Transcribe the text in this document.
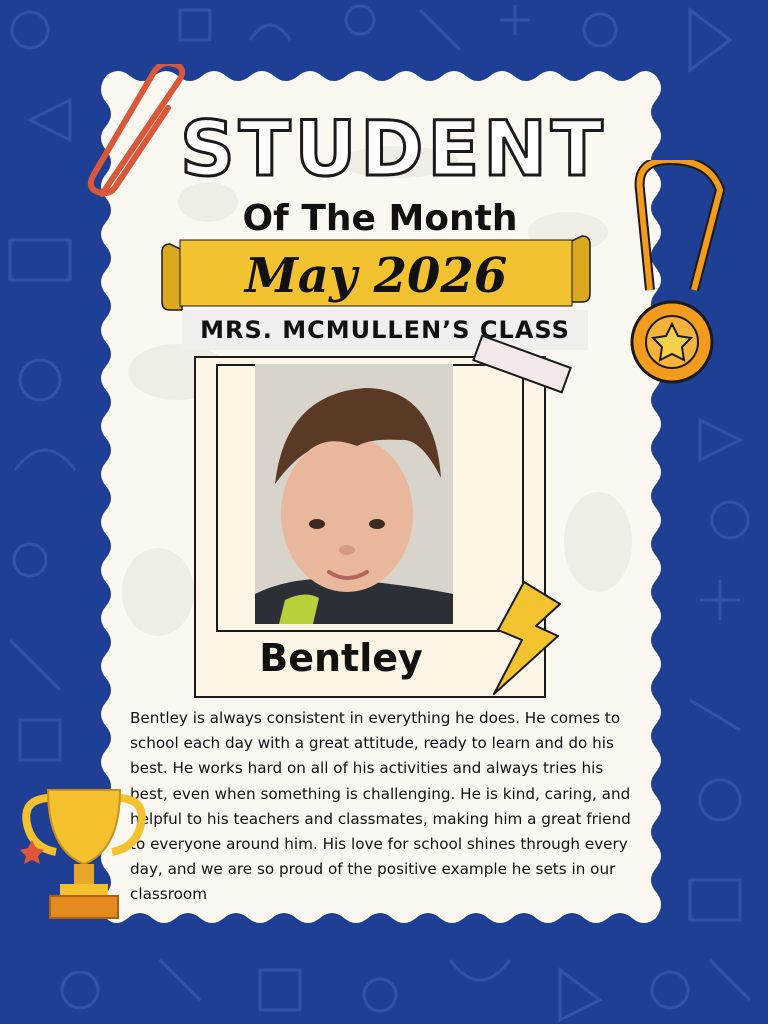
STUDENT
Of The Month
May 2026
MRS. MCMULLEN’S CLASS
Bentley
Bentley is always consistent in everything he does. He comes to school each day with a great attitude, ready to learn and do his best. He works hard on all of his activities and always tries his best, even when something is challenging. He is kind, caring, and helpful to his teachers and classmates, making him a great friend to everyone around him. His love for school shines through every day, and we are so proud of the positive example he sets in our classroom
